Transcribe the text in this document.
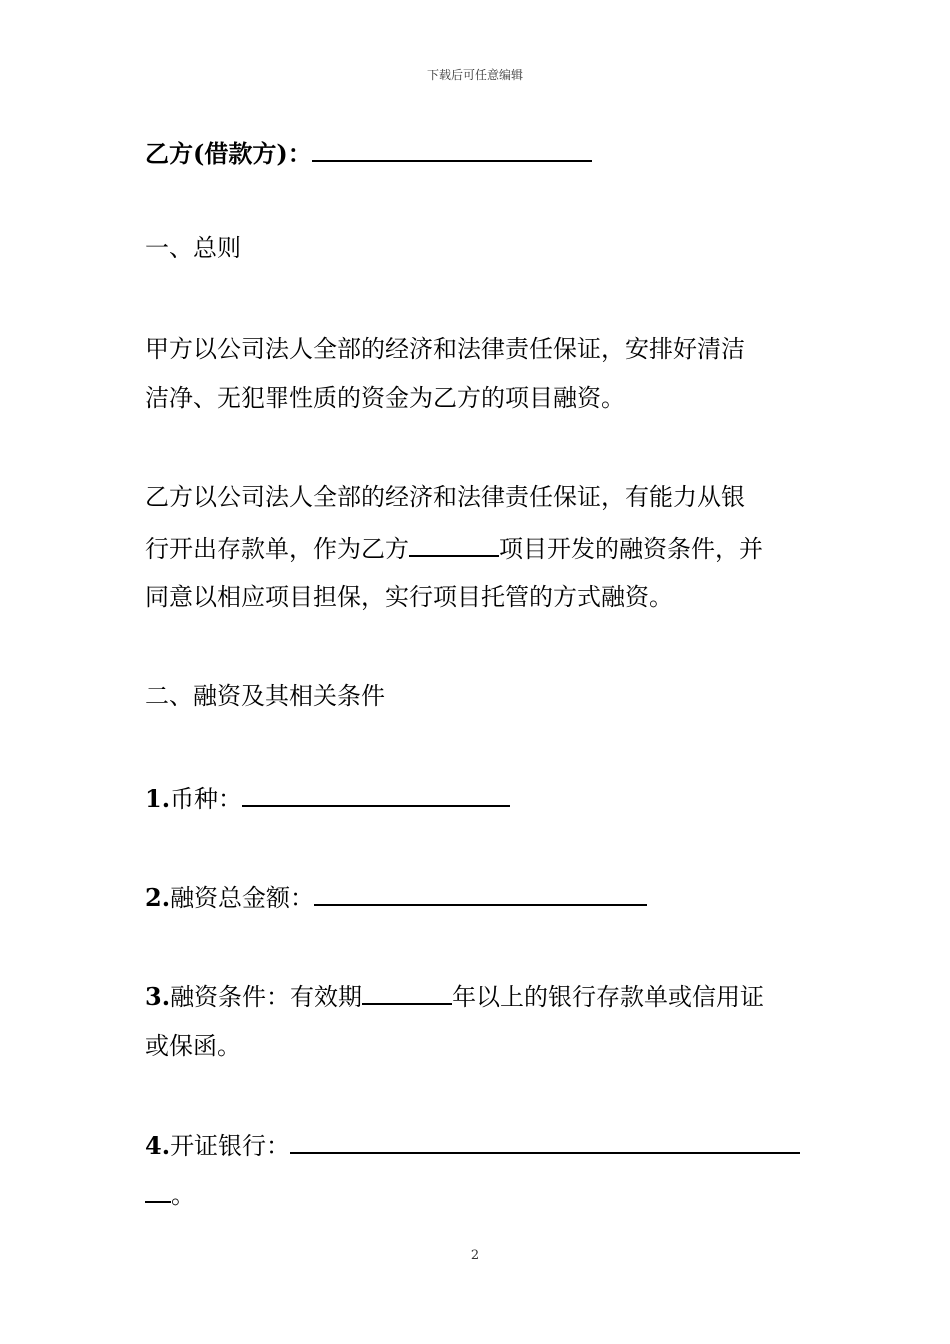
下载后可任意编辑
乙方(借款方)：
一、总则
甲方以公司法人全部的经济和法律责任保证，安排好清洁
洁净、无犯罪性质的资金为乙方的项目融资。
乙方以公司法人全部的经济和法律责任保证，有能力从银
行开出存款单，作为乙方	项目开发的融资条件，并
同意以相应项目担保，实行项目托管的方式融资。
二、融资及其相关条件
1.币种：
2.融资总金额：
3.融资条件：有效期	年以上的银行存款单或信用证
或保函。
4.开证银行：
。
2
